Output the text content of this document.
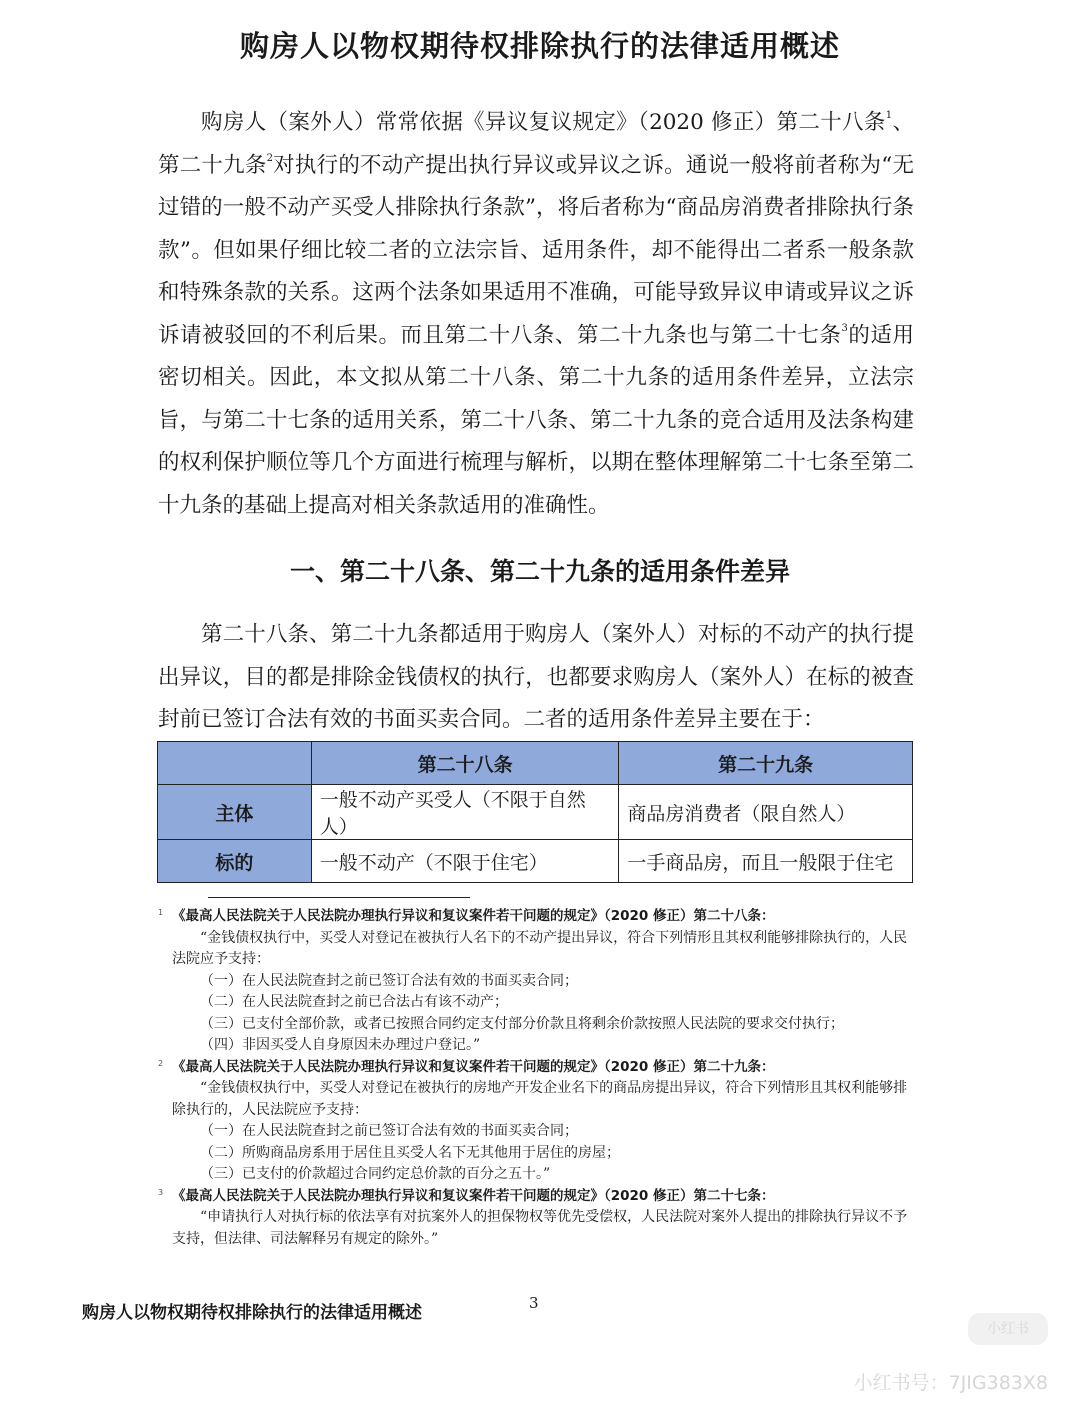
购房人以物权期待权排除执行的法律适用概述

购房人（案外人）常常依据《异议复议规定》（2020 修正）第二十八条$^1$、第二十九条$^2$对执行的不动产提出执行异议或异议之诉。通说一般将前者称为“无过错的一般不动产买受人排除执行条款”，将后者称为“商品房消费者排除执行条款”。但如果仔细比较二者的立法宗旨、适用条件，却不能得出二者系一般条款和特殊条款的关系。这两个法条如果适用不准确，可能导致异议申请或异议之诉诉请被驳回的不利后果。而且第二十八条、第二十九条也与第二十七条$^3$的适用密切相关。因此，本文拟从第二十八条、第二十九条的适用条件差异，立法宗旨，与第二十七条的适用关系，第二十八条、第二十九条的竞合适用及法条构建的权利保护顺位等几个方面进行梳理与解析，以期在整体理解第二十七条至第二十九条的基础上提高对相关条款适用的准确性。

一、第二十八条、第二十九条的适用条件差异

第二十八条、第二十九条都适用于购房人（案外人）对标的不动产的执行提出异议，目的都是排除金钱债权的执行，也都要求购房人（案外人）在标的被查封前已签订合法有效的书面买卖合同。二者的适用条件差异主要在于：

	第二十八条	第二十九条
主体	一般不动产买受人（不限于自然人）	商品房消费者（限自然人）
标的	一般不动产（不限于住宅）	一手商品房，而且一般限于住宅
1 《最高人民法院关于人民法院办理执行异议和复议案件若干问题的规定》（2020 修正）第二十八条：
“金钱债权执行中，买受人对登记在被执行人名下的不动产提出异议，符合下列情形且其权利能够排除执行的，人民法院应予支持：
（一）在人民法院查封之前已签订合法有效的书面买卖合同；
（二）在人民法院查封之前已合法占有该不动产；
（三）已支付全部价款，或者已按照合同约定支付部分价款且将剩余价款按照人民法院的要求交付执行；
（四）非因买受人自身原因未办理过户登记。”
2 《最高人民法院关于人民法院办理执行异议和复议案件若干问题的规定》（2020 修正）第二十九条：
“金钱债权执行中，买受人对登记在被执行的房地产开发企业名下的商品房提出异议，符合下列情形且其权利能够排除执行的，人民法院应予支持：
（一）在人民法院查封之前已签订合法有效的书面买卖合同；
（二）所购商品房系用于居住且买受人名下无其他用于居住的房屋；
（三）已支付的价款超过合同约定总价款的百分之五十。”
3 《最高人民法院关于人民法院办理执行异议和复议案件若干问题的规定》（2020 修正）第二十七条：
“申请执行人对执行标的依法享有对抗案外人的担保物权等优先受偿权，人民法院对案外人提出的排除执行异议不予支持，但法律、司法解释另有规定的除外。”

购房人以物权期待权排除执行的法律适用概述	3

小红书
小红书号：7JIG383X8
